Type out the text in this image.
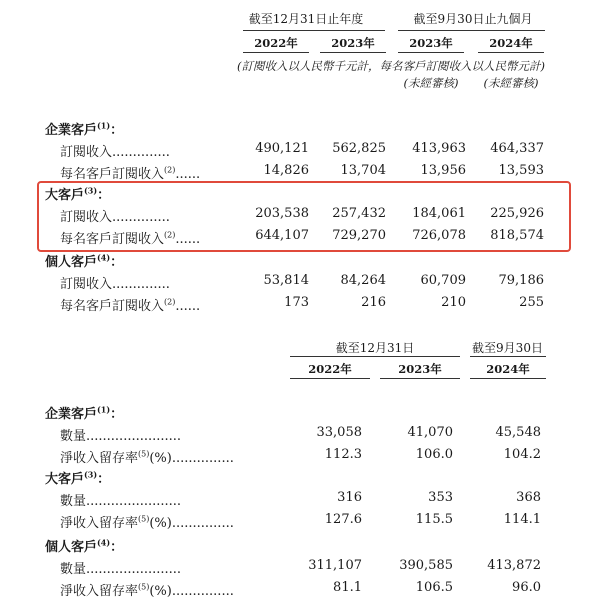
截至12月31日止年度	截至9月30日止九個月
2022年	2023年	2023年	2024年
(訂閱收入以人民幣千元計，每名客戶訂閱收入以人民幣元計)
(未經審核)	(未經審核)
企業客戶$^{(1)}$：
訂閱收入..............	490,121	562,825	413,963	464,337
每名客戶訂閱收入$^{(2)}$......	14,826	13,704	13,956	13,593
大客戶$^{(3)}$：
訂閱收入..............	203,538	257,432	184,061	225,926
每名客戶訂閱收入$^{(2)}$......	644,107	729,270	726,078	818,574
個人客戶$^{(4)}$：
訂閱收入..............	53,814	84,264	60,709	79,186
每名客戶訂閱收入$^{(2)}$......	173	216	210	255
截至12月31日	截至9月30日
2022年	2023年	2024年
企業客戶$^{(1)}$：
數量.......................	33,058	41,070	45,548
淨收入留存率$^{(5)}$(%)...............	112.3	106.0	104.2
大客戶$^{(3)}$：
數量.......................	316	353	368
淨收入留存率$^{(5)}$(%)...............	127.6	115.5	114.1
個人客戶$^{(4)}$：
數量.......................	311,107	390,585	413,872
淨收入留存率$^{(5)}$(%)...............	81.1	106.5	96.0
